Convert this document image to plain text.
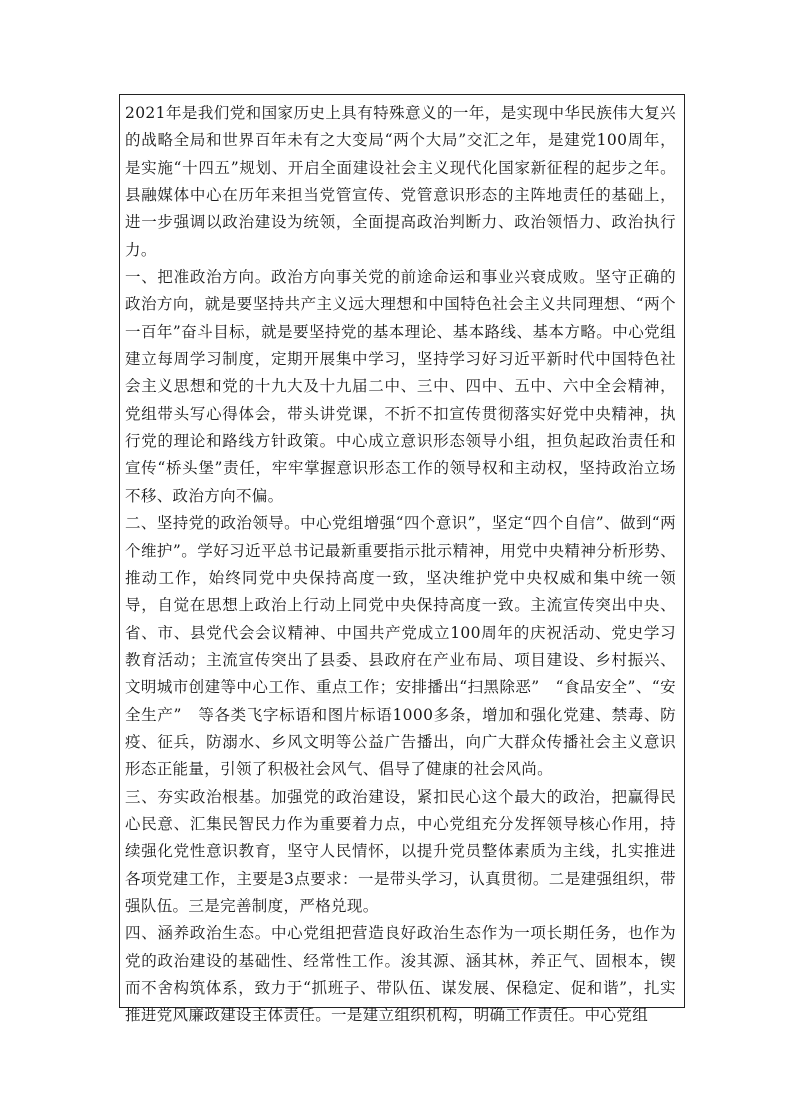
2021年是我们党和国家历史上具有特殊意义的一年，是实现中华民族伟大复兴的战略全局和世界百年未有之大变局“两个大局”交汇之年，是建党100周年，是实施“十四五”规划、开启全面建设社会主义现代化国家新征程的起步之年。县融媒体中心在历年来担当党管宣传、党管意识形态的主阵地责任的基础上，进一步强调以政治建设为统领，全面提高政治判断力、政治领悟力、政治执行力。

一、把准政治方向。政治方向事关党的前途命运和事业兴衰成败。坚守正确的政治方向，就是要坚持共产主义远大理想和中国特色社会主义共同理想、“两个一百年”奋斗目标，就是要坚持党的基本理论、基本路线、基本方略。中心党组建立每周学习制度，定期开展集中学习，坚持学习好习近平新时代中国特色社会主义思想和党的十九大及十九届二中、三中、四中、五中、六中全会精神，党组带头写心得体会，带头讲党课，不折不扣宣传贯彻落实好党中央精神，执行党的理论和路线方针政策。中心成立意识形态领导小组，担负起政治责任和宣传“桥头堡”责任，牢牢掌握意识形态工作的领导权和主动权，坚持政治立场不移、政治方向不偏。

二、坚持党的政治领导。中心党组增强“四个意识”，坚定“四个自信”、做到“两个维护”。学好习近平总书记最新重要指示批示精神，用党中央精神分析形势、推动工作，始终同党中央保持高度一致，坚决维护党中央权威和集中统一领导，自觉在思想上政治上行动上同党中央保持高度一致。主流宣传突出中央、省、市、县党代会会议精神、中国共产党成立100周年的庆祝活动、党史学习教育活动；主流宣传突出了县委、县政府在产业布局、项目建设、乡村振兴、文明城市创建等中心工作、重点工作；安排播出“扫黑除恶”　“食品安全”、“安全生产”　等各类飞字标语和图片标语1000多条，增加和强化党建、禁毒、防疫、征兵，防溺水、乡风文明等公益广告播出，向广大群众传播社会主义意识形态正能量，引领了积极社会风气、倡导了健康的社会风尚。

三、夯实政治根基。加强党的政治建设，紧扣民心这个最大的政治，把赢得民心民意、汇集民智民力作为重要着力点，中心党组充分发挥领导核心作用，持续强化党性意识教育，坚守人民情怀，以提升党员整体素质为主线，扎实推进各项党建工作，主要是3点要求：一是带头学习，认真贯彻。二是建强组织，带强队伍。三是完善制度，严格兑现。

四、涵养政治生态。中心党组把营造良好政治生态作为一项长期任务，也作为党的政治建设的基础性、经常性工作。浚其源、涵其林，养正气、固根本，锲而不舍构筑体系，致力于“抓班子、带队伍、谋发展、保稳定、促和谐”，扎实推进党风廉政建设主体责任。一是建立组织机构，明确工作责任。中心党组
